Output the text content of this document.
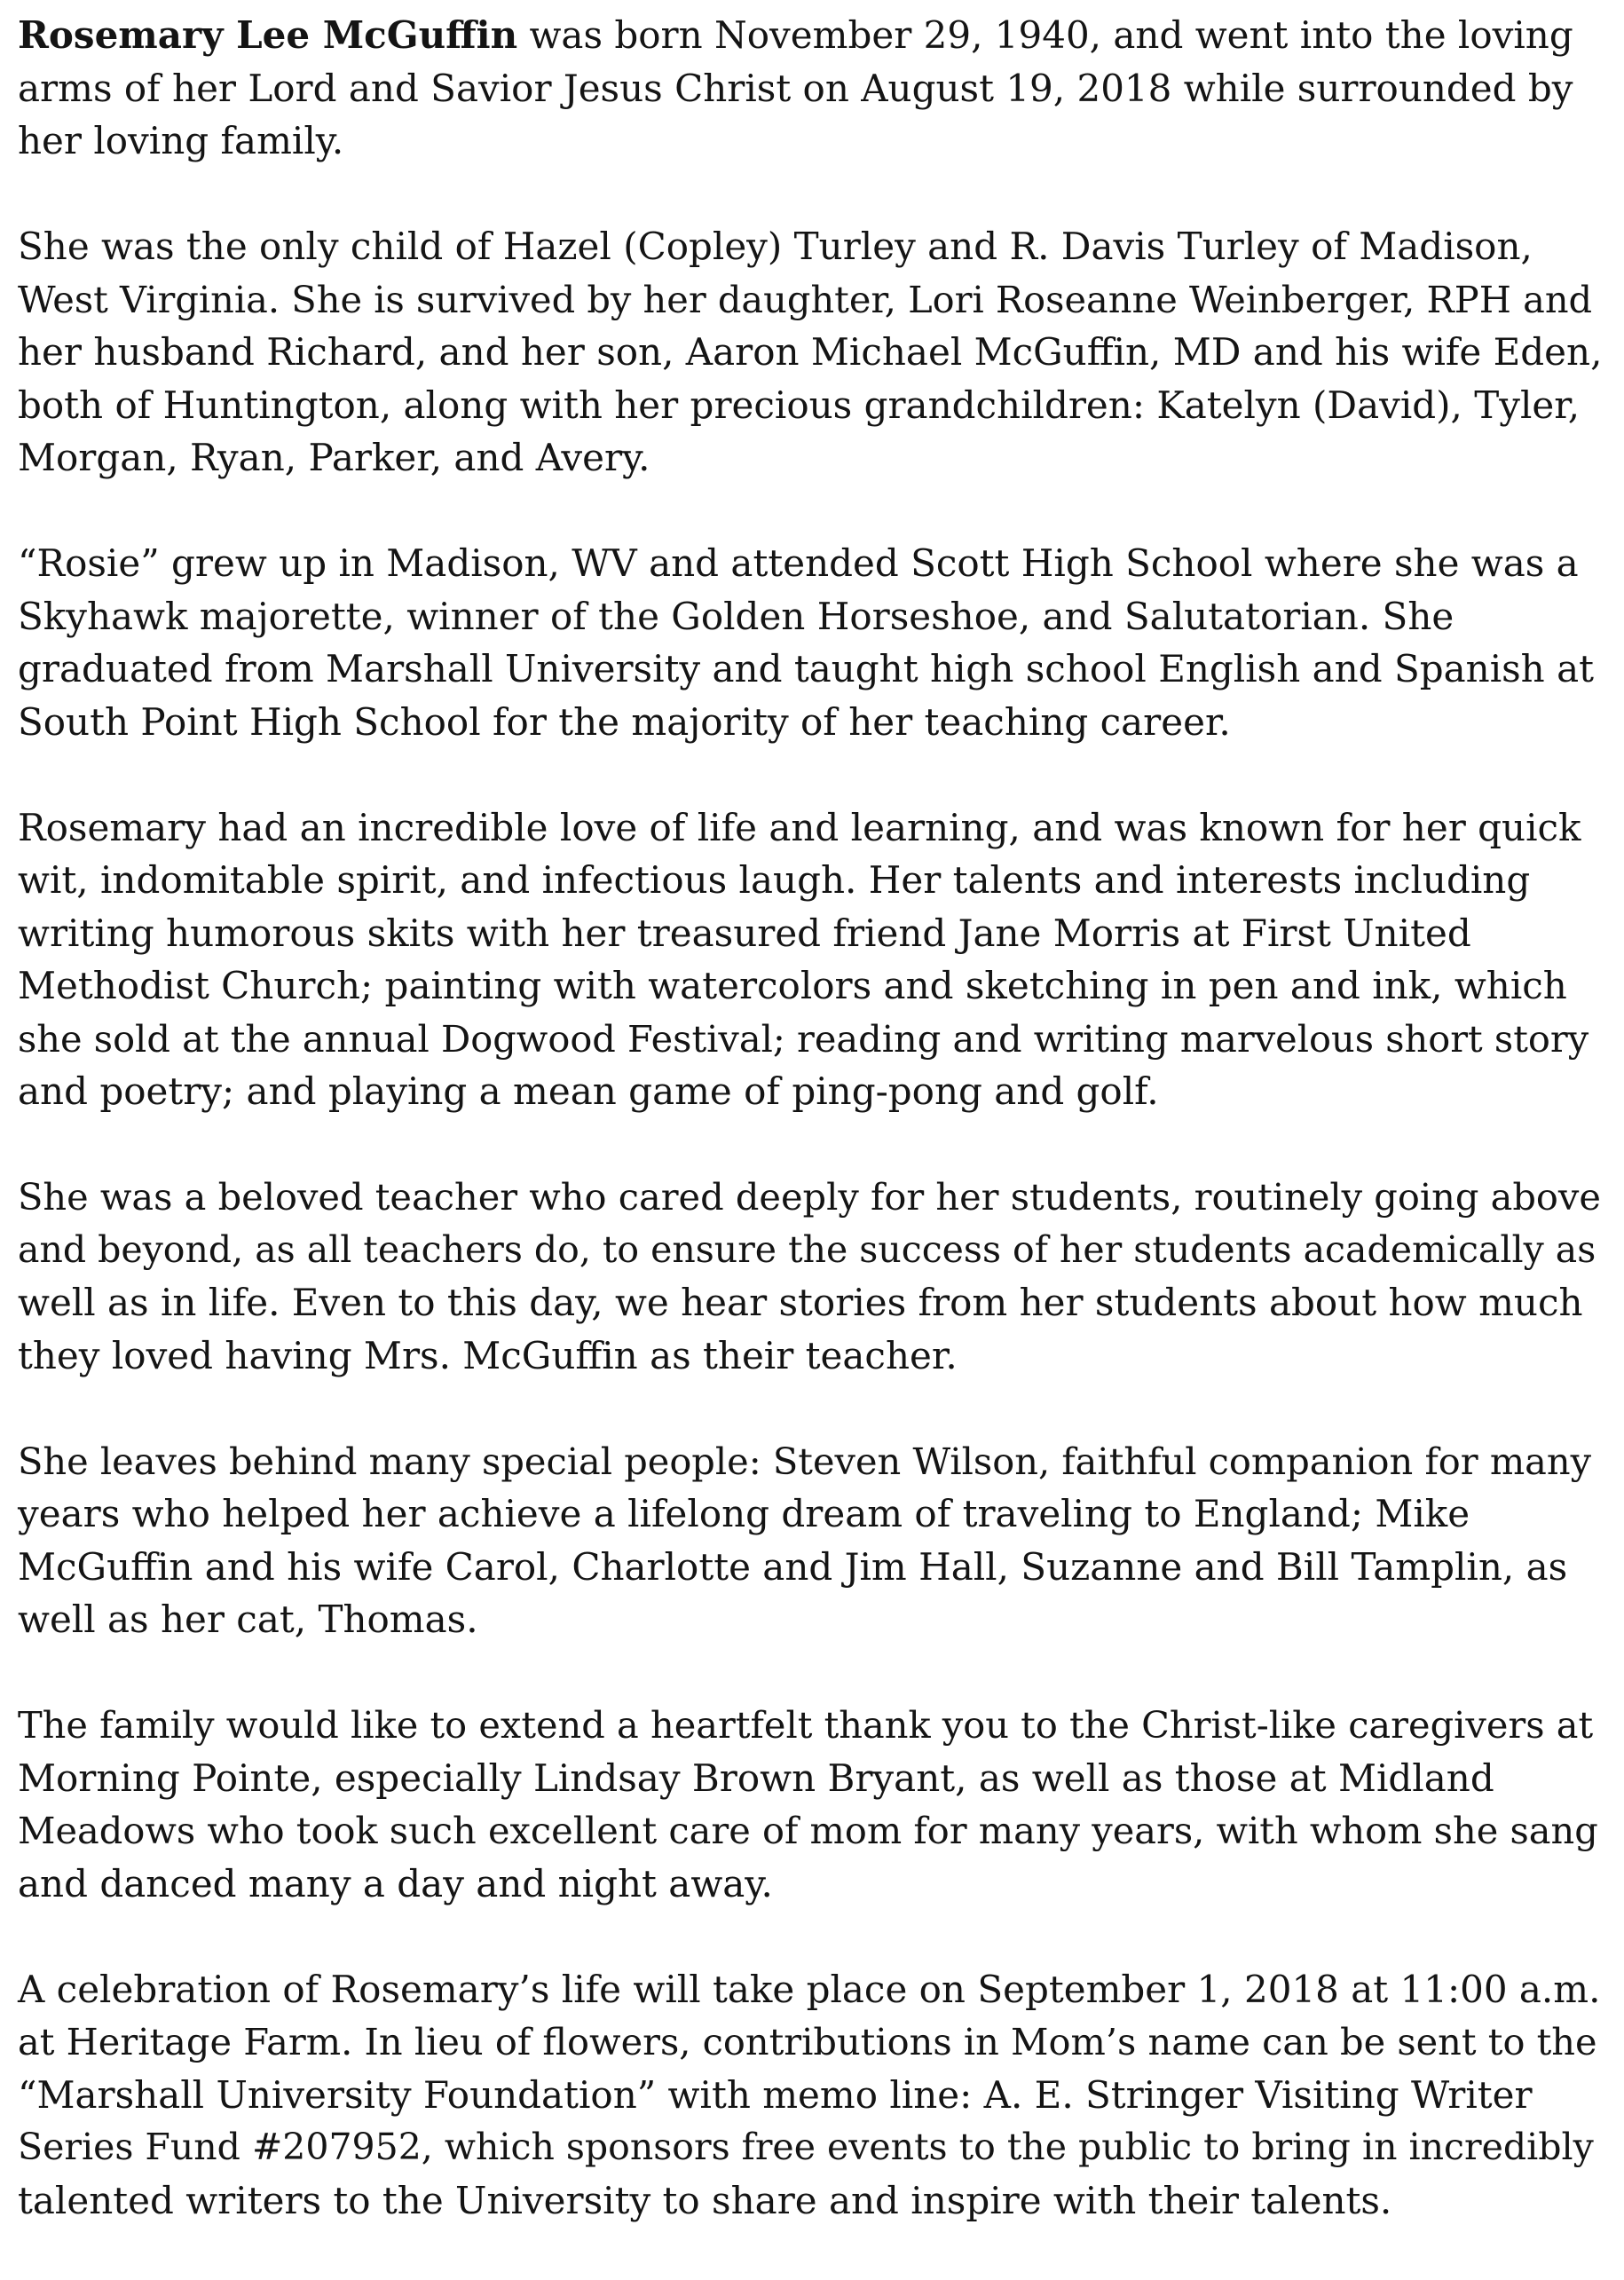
Rosemary Lee McGuffin was born November 29, 1940, and went into the loving
arms of her Lord and Savior Jesus Christ on August 19, 2018 while surrounded by
her loving family.

She was the only child of Hazel (Copley) Turley and R. Davis Turley of Madison,
West Virginia. She is survived by her daughter, Lori Roseanne Weinberger, RPH and
her husband Richard, and her son, Aaron Michael McGuffin, MD and his wife Eden,
both of Huntington, along with her precious grandchildren: Katelyn (David), Tyler,
Morgan, Ryan, Parker, and Avery.

“Rosie” grew up in Madison, WV and attended Scott High School where she was a
Skyhawk majorette, winner of the Golden Horseshoe, and Salutatorian. She
graduated from Marshall University and taught high school English and Spanish at
South Point High School for the majority of her teaching career.

Rosemary had an incredible love of life and learning, and was known for her quick
wit, indomitable spirit, and infectious laugh. Her talents and interests including
writing humorous skits with her treasured friend Jane Morris at First United
Methodist Church; painting with watercolors and sketching in pen and ink, which
she sold at the annual Dogwood Festival; reading and writing marvelous short story
and poetry; and playing a mean game of ping-pong and golf.

She was a beloved teacher who cared deeply for her students, routinely going above
and beyond, as all teachers do, to ensure the success of her students academically as
well as in life. Even to this day, we hear stories from her students about how much
they loved having Mrs. McGuffin as their teacher.

She leaves behind many special people: Steven Wilson, faithful companion for many
years who helped her achieve a lifelong dream of traveling to England; Mike
McGuffin and his wife Carol, Charlotte and Jim Hall, Suzanne and Bill Tamplin, as
well as her cat, Thomas.

The family would like to extend a heartfelt thank you to the Christ-like caregivers at
Morning Pointe, especially Lindsay Brown Bryant, as well as those at Midland
Meadows who took such excellent care of mom for many years, with whom she sang
and danced many a day and night away.

A celebration of Rosemary’s life will take place on September 1, 2018 at 11:00 a.m.
at Heritage Farm. In lieu of flowers, contributions in Mom’s name can be sent to the
“Marshall University Foundation” with memo line: A. E. Stringer Visiting Writer
Series Fund #207952, which sponsors free events to the public to bring in incredibly
talented writers to the University to share and inspire with their talents.
